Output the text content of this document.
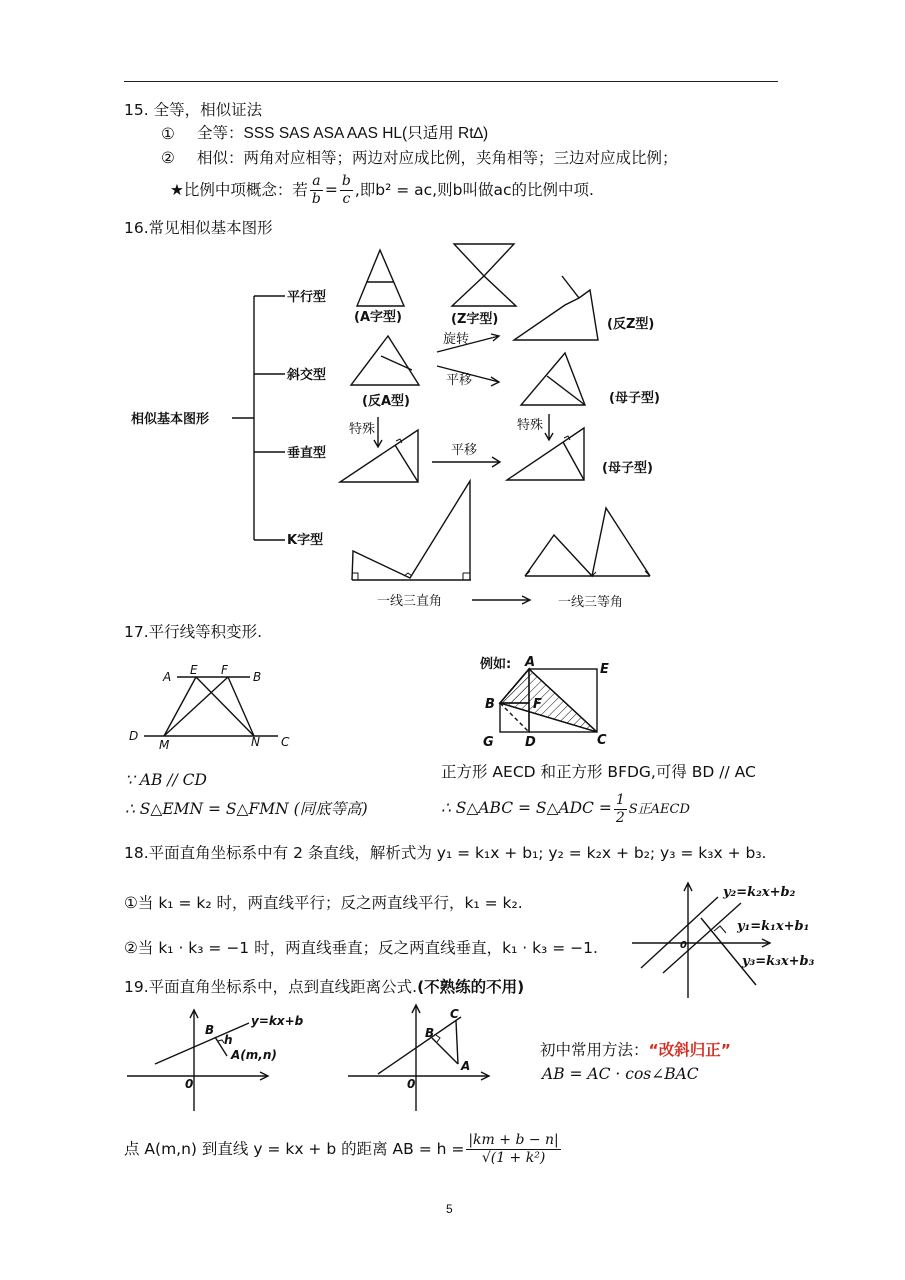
15. 全等，相似证法
① 全等：SSS SAS ASA AAS HL(只适用 Rt∆)
② 相似：两角对应相等；两边对应成比例，夹角相等；三边对应成比例；
★比例中项概念：若 $\frac{a}{b} = \frac{b}{c}$ ,即b² = ac,则b叫做ac的比例中项.
16.常见相似基本图形
相似基本图形
平行型
斜交型
垂直型
K字型
(A字型)	(Z字型)	(反Z型)
(反A型)	(母子型)
(母子型)
旋转
平移
平移
特殊	特殊
一线三直角	一线三等角
17.平行线等积变形.
A E F B
D
M	N C
A	E
B	F
G D	C
例如:
∵ AB // CD
∴ S△EMN = S△FMN (同底等高)
正方形 AECD 和正方形 BFDG,可得 BD // AC
∴ S△ABC = S△ADC = $\frac{1}{2}$ S正AECD
18.平面直角坐标系中有 2 条直线，解析式为 y₁ = k₁x + b₁; y₂ = k₂x + b₂; y₃ = k₃x + b₃.
①当 k₁ = k₂ 时，两直线平行；反之两直线平行，k₁ = k₂.
②当 k₁ · k₃ = −1 时，两直线垂直；反之两直线垂直，k₁ · k₃ = −1.	0
y₂=k₂x+b₂
y₁=k₁x+b₁
y₃=k₃x+b₃
19.平面直角坐标系中，点到直线距离公式.(不熟练的不用)
y=kx+b
B
h
A(m,n)
0
C
B
A
0
初中常用方法：“改斜归正”
AB = AC · cos∠BAC
点 A(m,n) 到直线 y = kx + b 的距离 AB = $h = \frac{|km + b - n|}{\text{√(1 + k²)}}$
5
